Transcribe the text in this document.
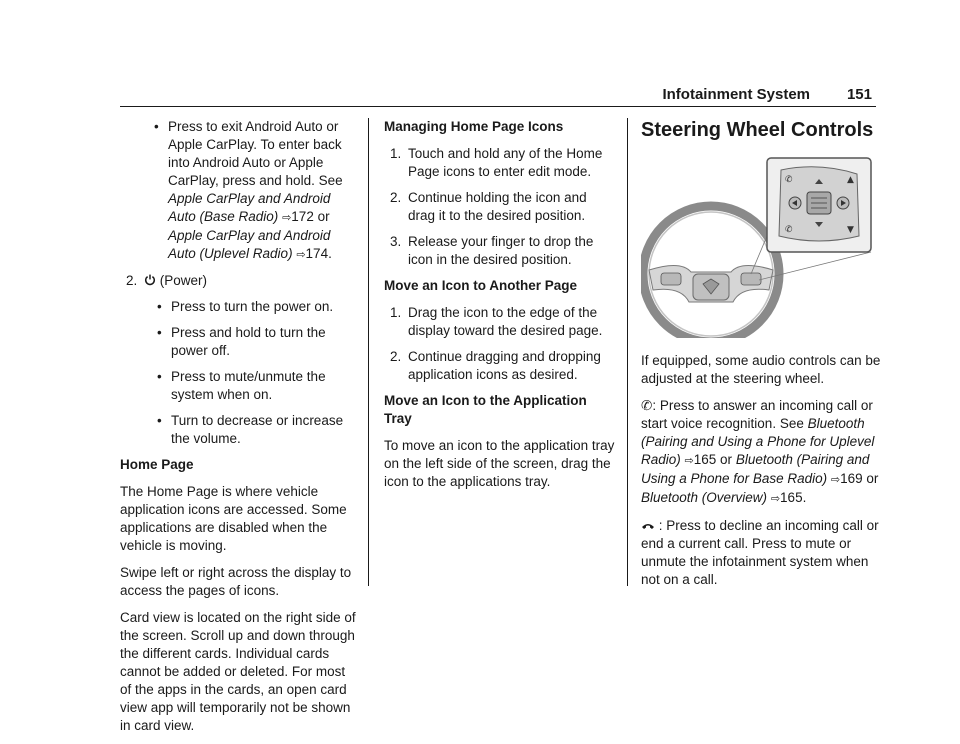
Infotainment System 151
• Press to exit Android Auto or Apple CarPlay. To enter back into Android Auto or Apple CarPlay, press and hold. See Apple CarPlay and Android Auto (Base Radio) ⇨172 or Apple CarPlay and Android Auto (Uplevel Radio) ⇨174.
2. (Power)
• Press to turn the power on.
• Press and hold to turn the power off.
• Press to mute/unmute the system when on.
• Turn to decrease or increase the volume.

Home Page

The Home Page is where vehicle application icons are accessed. Some applications are disabled when the vehicle is moving.

Swipe left or right across the display to access the pages of icons.

Card view is located on the right side of the screen. Scroll up and down through the different cards. Individual cards cannot be added or deleted. For most of the apps in the cards, an open card view app will temporarily not be shown in card view.

Managing Home Page Icons

1. Touch and hold any of the Home Page icons to enter edit mode.
2. Continue holding the icon and drag it to the desired position.
3. Release your finger to drop the icon in the desired position.

Move an Icon to Another Page

1. Drag the icon to the edge of the display toward the desired page.
2. Continue dragging and dropping application icons as desired.

Move an Icon to the Application Tray

To move an icon to the application tray on the left side of the screen, drag the icon to the applications tray.

Steering Wheel Controls
✆
✆
▲
▼

If equipped, some audio controls can be adjusted at the steering wheel.

✆: Press to answer an incoming call or start voice recognition. See Bluetooth (Pairing and Using a Phone for Uplevel Radio) ⇨165 or Bluetooth (Pairing and Using a Phone for Base Radio) ⇨169 or Bluetooth (Overview) ⇨165.

: Press to decline an incoming call or end a current call. Press to mute or unmute the infotainment system when not on a call.
